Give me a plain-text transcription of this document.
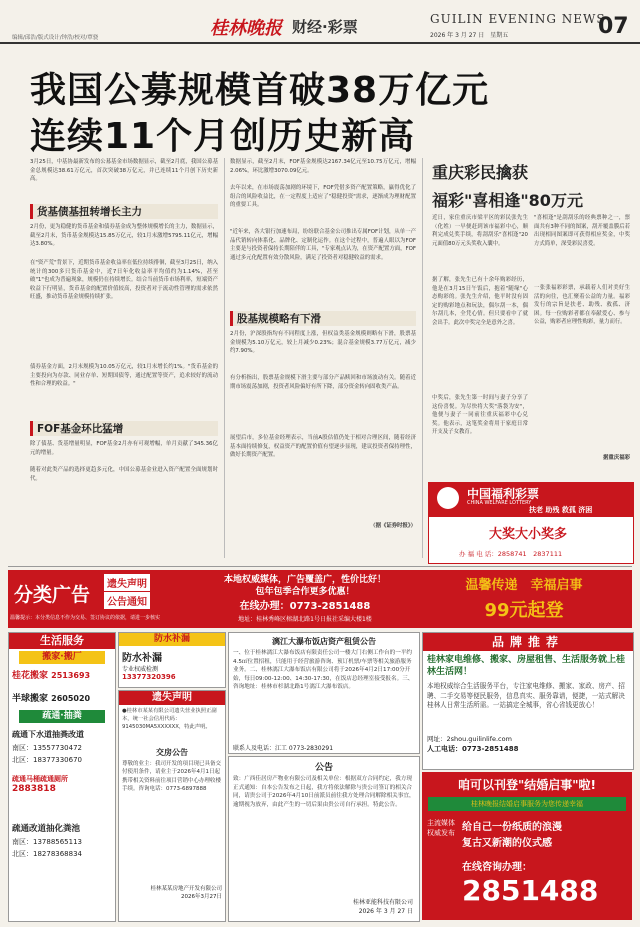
编辑/邱浩/版式设计/钟浩/校对/覃骁	桂林晚报 财经·彩票	GUILIN EVENING NEWS
2026 年 3 月 27 日　星期五	07
我国公募规模首破38万亿元
连续11个月创历史新高
3月25日，中基协最新发布的公募基金市场数据显示，截至2月底，我国公募基金总规模达38.61万亿元，首次突破38万亿元，并已连续11个月创下历史新高。
货基债基扭转增长主力
2月份，更为稳健的货币基金和债券基金成为整体规模增长的主力，数据显示，截至2月末，货币基金规模达15.85万亿元，较1月末激增5795.11亿元，增幅达3.80%。
在"资产荒"背景下，近期货币基金收益率在低位持续徘徊，截至3月25日，纳入统计的300多只货币基金中，近7日年化收益率平均值约为1.14%，甚至破"1"也成为普遍现象，规模仍在持续增长。结合当前货币市场利率，短端资产收益下行明显，货币基金的配置价值较高，投资者对于流动性管理的需求依然旺盛，推动货币基金规模持续扩张。
债券基金方面，2月末规模为10.05万亿元，较1月末增长约1%。"货币基金的主要投向为存款、同业存单、短期国债等，通过配置等资产，追求较好的流动性和合理的收益。"
FOF基金环比猛增
除了债基、货基增量明显，FOF基金2月亦有可观增幅，单月贡献了345.36亿元的增量。
随着对此类产品的选择更趋多元化，中国公募基金业进入资产配置全面规划时代。
数据显示，截至2月末，FOF基金规模达2167.34亿元至10.75万亿元，增幅2.06%，环比激增3070.09亿元。
去年以来，在市场震荡加剧的环境下，FOF凭借多资产配置策略，赢得优化了组合的风险收益比，在一定程度上适应了"稳健投资"需求，逐渐成为理财配置的重要工具。
"近年来，各大银行加速布局，纷纷联合基金公司推出专属FOF计划，从单一产品代销转向体系化、品牌化、定制化运作。在这个过程中，普遍人眼以为FOF主要是与投资者保持长期陪伴的工具，"专家观点认为，在资产配置方面，FOF通过多元化配置有效分散风险，满足了投资者对稳健收益的需求。
股基规模略有下滑
2月份，沪深股指均有不同程度上涨，但权益类基金规模则略有下滑，股票基金规模为5.10万亿元，较上月减少0.23%；混合基金规模3.77万亿元，减少约7.90%。
有分析指出，股票基金规模下滑主要与部分产品赎回和市场波动有关。随着近期市场震荡加剧，投资者风险偏好有所下降，部分资金转向固收类产品。
展望后市，多位基金经理表示，当前A股估值仍处于相对合理区间，随着经济基本面持续修复，权益资产的配置价值有望逐步显现，建议投资者保持理性，做好长期资产配置。
（据《证券时报》）
重庆彩民擒获
福彩"喜相逢"80万元
近日，家住重庆市梁平区的彩民张先生（化姓）一早便赶到该市福彩中心，顺利完成兑奖手续，将刮刮乐"喜相逢"20元面值80万元头奖收入囊中。
据了解，张先生已有十余年购彩经历，他是在3月15日午饭后，抱着"随缘"心态购彩的。张先生介绍，他平时没有固定的购彩地点和玩法，偶尔刮一本，偶尔刮几本，全凭心情。但只要看中了就会出手。此次中奖完全是意外之喜。
中奖后，张先生第一时间与妻子分享了这份喜悦。为尽快将大奖"落袋为安"，他便与妻子一同前往重庆福彩中心兑奖。他表示，这笔奖金将用于家庭日常开支及子女教育。
"喜相逢"是刮刮乐的经典票种之一，票面共有3种不同的图案，刮开覆盖膜后若出现相同图案即可获得相应奖金，中奖方式简单，深受彩民喜爱。
一张张福彩彩票，承载着人们对美好生活的向往，也汇聚着公益的力量。福彩发行的宗旨是扶老、助残、救孤、济困。每一位购彩者都在奉献爱心、参与公益，购彩者应理性购彩，量力而行。
据重庆福彩
中国福利彩票
CHINA WELFARE LOTTERY
扶老 助残 救孤 济困
大奖大小奖多
办 福 电 话：2858741　2837111
分类广告	遗失声明
公告通知
温馨提示：本分类信息不作为交易、签订协议的依据，请进一步核实
本地权威媒体，广告覆盖广，性价比好！
包年包季合作更多优惠！
在线办理：0773-2851488
地址：桂林秀峰区榕湖北路1号日报社采编大楼1楼
温馨传递　幸福启事
99元起登
生活服务
搬家·搬厂
桂花搬家 2513693
半球搬家 2605020
疏通·抽粪
疏通下水道抽粪改道
南区：13557730472
北区：18377330670
疏通马桶疏通厕所 2883818
疏通改道抽化粪池
南区：13788565113
北区：18278368834
防水补漏
防水补漏
专业权威检测
13377320396
遗失声明
●桂林市某某有限公司遗失营业执照正副本，统一社会信用代码：9145030MA5XXXXXX，特此声明。
交房公告
尊敬的业主：我司开发的项目现已具备交付使用条件，请业主于2026年4月1日起携带相关资料前往项目营销中心办理收楼手续。咨询电话：0773-6897888
桂林某某房地产开发有限公司
2026年3月27日
漓江大瀑布饭店资产租赁公告
一、位于桂林漓江大瀑布饭店有限责任公司一楼大门右侧工作台的一平约4.5㎡位置招租，只能用于经营旅游咨询、预订机票/车票等相关旅游服务业务。二、桂林漓江大瀑布饭店有限公司将于2026年4月2日17:00分开始，每日09:00-12:00、14:30-17:30，在饭店总经理室接受报名。三、咨询地址：桂林市杉湖北路1号漓江大瀑布饭店。
联系人及电话：江工 0773-2830291
公告
致：广西佳居房产物业有限公司及相关单位：根据双方合同约定，我方现正式通知：自本公告发布之日起，我方将依法解除与贵公司签订的相关合同，请贵公司于2026年4月10日前派员前往我方处理合同解除相关事宜，逾期视为放弃，由此产生的一切后果由贵公司自行承担。特此公告。
桂林亚能科技有限公司
2026 年 3 月 27 日
品牌推荐
桂林家电维修、搬家、房屋租售、生活服务就上桂林生活网！
本地权威综合生活服务平台，专注家电维修、搬家、家政、房产、招聘、二手交易等便民服务，信息真实、服务靠谱，便捷，一站式解决桂林人日常生活所需。一站搞定全城事，省心省钱更放心！
网址：2shou.guilinlife.com
人工电话：0773-2851488
咱可以刊登"结婚启事"啦!
桂林晚报结婚启事服务为您传递幸福
主流媒体 权威发布 给自己一份纸质的浪漫
复古又新潮的仪式感
在线咨询办理：
2851488
